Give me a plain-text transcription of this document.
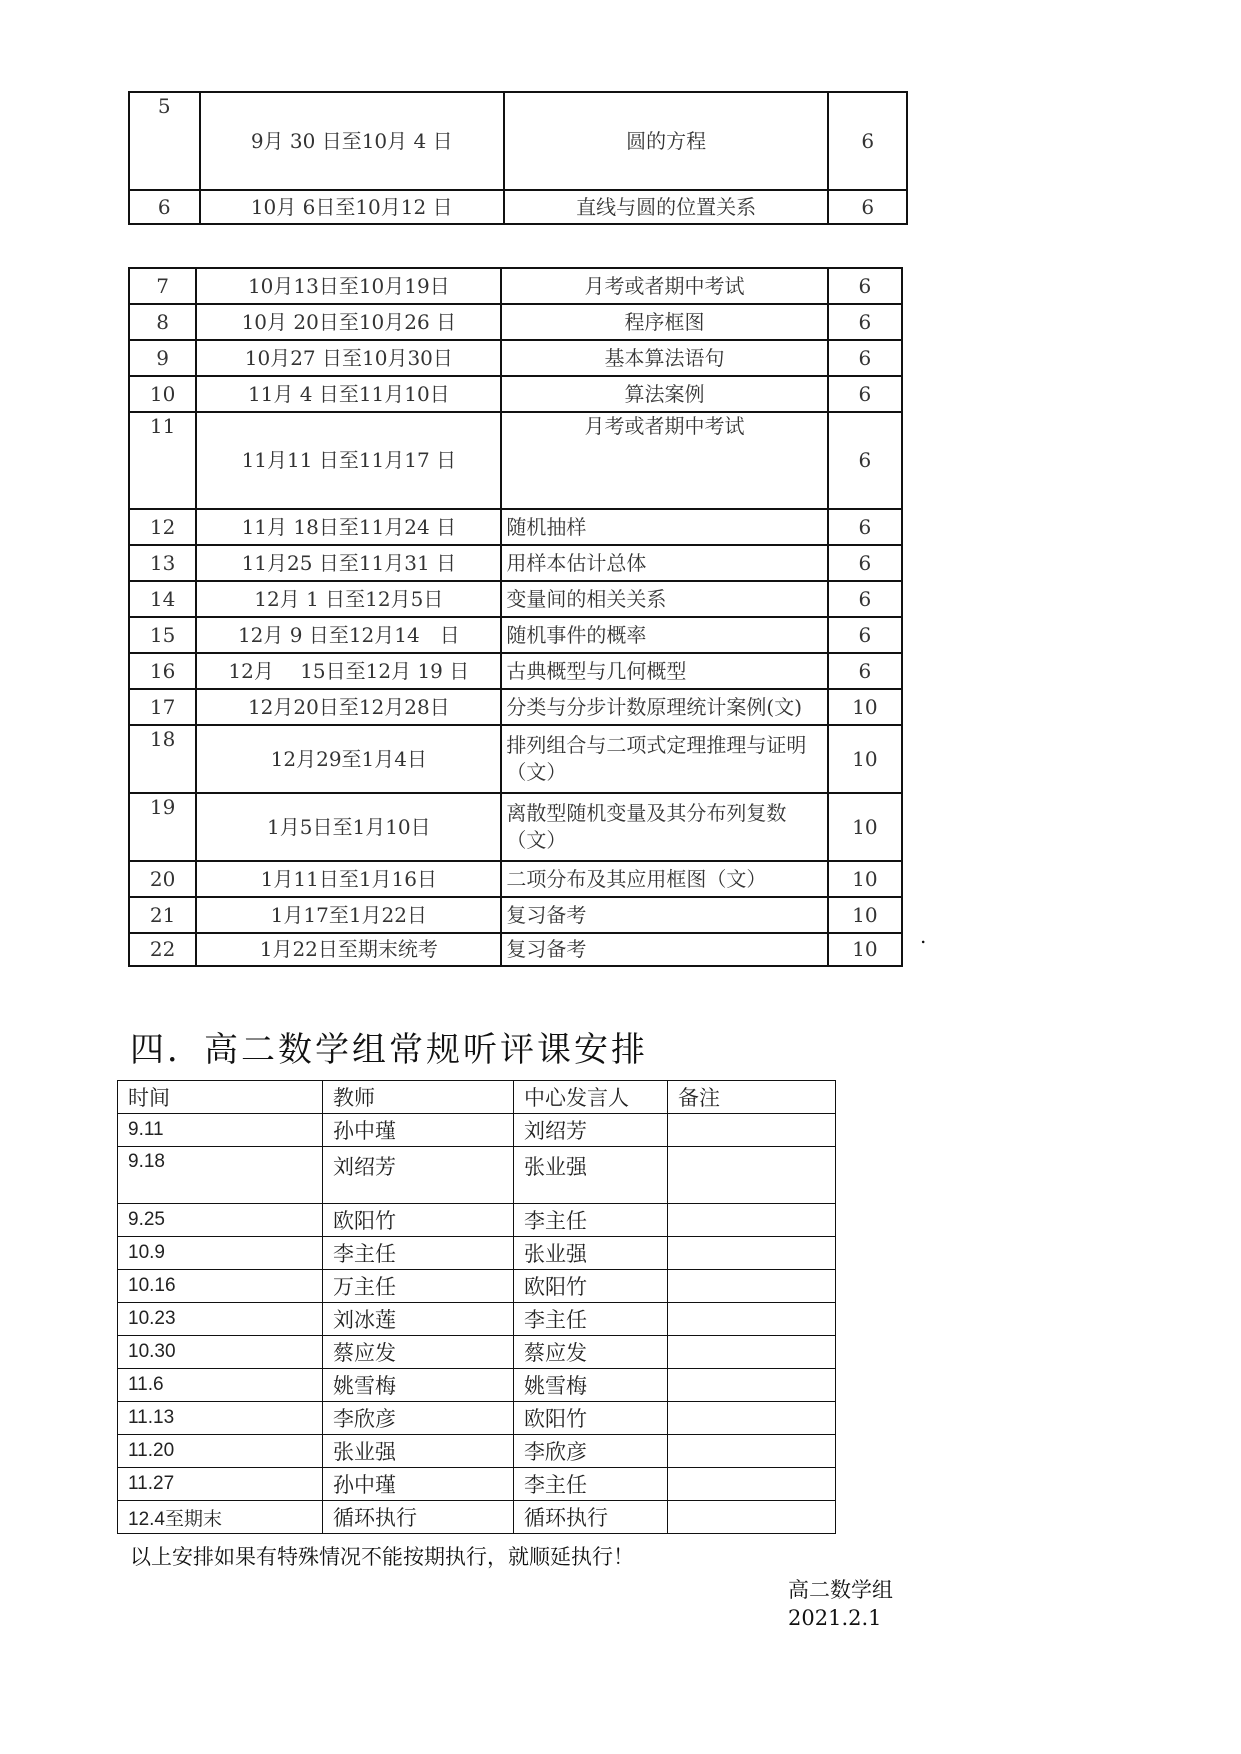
5	9月 30 日至10月 4 日	圆的方程	6
6	10月 6日至10月12 日	直线与圆的位置关系	6
7	10月13日至10月19日	月考或者期中考试	6
8	10月 20日至10月26 日	程序框图	6
9	10月27 日至10月30日	基本算法语句	6
10	11月 4 日至11月10日	算法案例	6
11	11月11 日至11月17 日	月考或者期中考试	6
12	11月 18日至11月24 日	随机抽样	6
13	11月25 日至11月31 日	用样本估计总体	6
14	12月 1 日至12月5日	变量间的相关关系	6
15	12月 9 日至12月14　日	随机事件的概率	6
16	12月　 15日至12月 19 日	古典概型与几何概型	6
17	12月20日至12月28日	分类与分步计数原理统计案例(文)	10
18	12月29至1月4日	排列组合与二项式定理推理与证明（文）	10
19	1月5日至1月10日	离散型随机变量及其分布列复数（文）	10
20	1月11日至1月16日	二项分布及其应用框图（文）	10
21	1月17至1月22日	复习备考	10
22	1月22日至期末统考	复习备考	10
.
四．高二数学组常规听评课安排
时间	教师	中心发言人	备注
9.11	孙中瑾	刘绍芳	
9.18	刘绍芳	张业强	
9.25	欧阳竹	李主任	
10.9	李主任	张业强	
10.16	万主任	欧阳竹	
10.23	刘冰莲	李主任	
10.30	蔡应发	蔡应发	
11.6	姚雪梅	姚雪梅	
11.13	李欣彦	欧阳竹	
11.20	张业强	李欣彦	
11.27	孙中瑾	李主任	
12.4至期末	循环执行	循环执行	

以上安排如果有特殊情况不能按期执行，就顺延执行！

高二数学组

2021.2.1
